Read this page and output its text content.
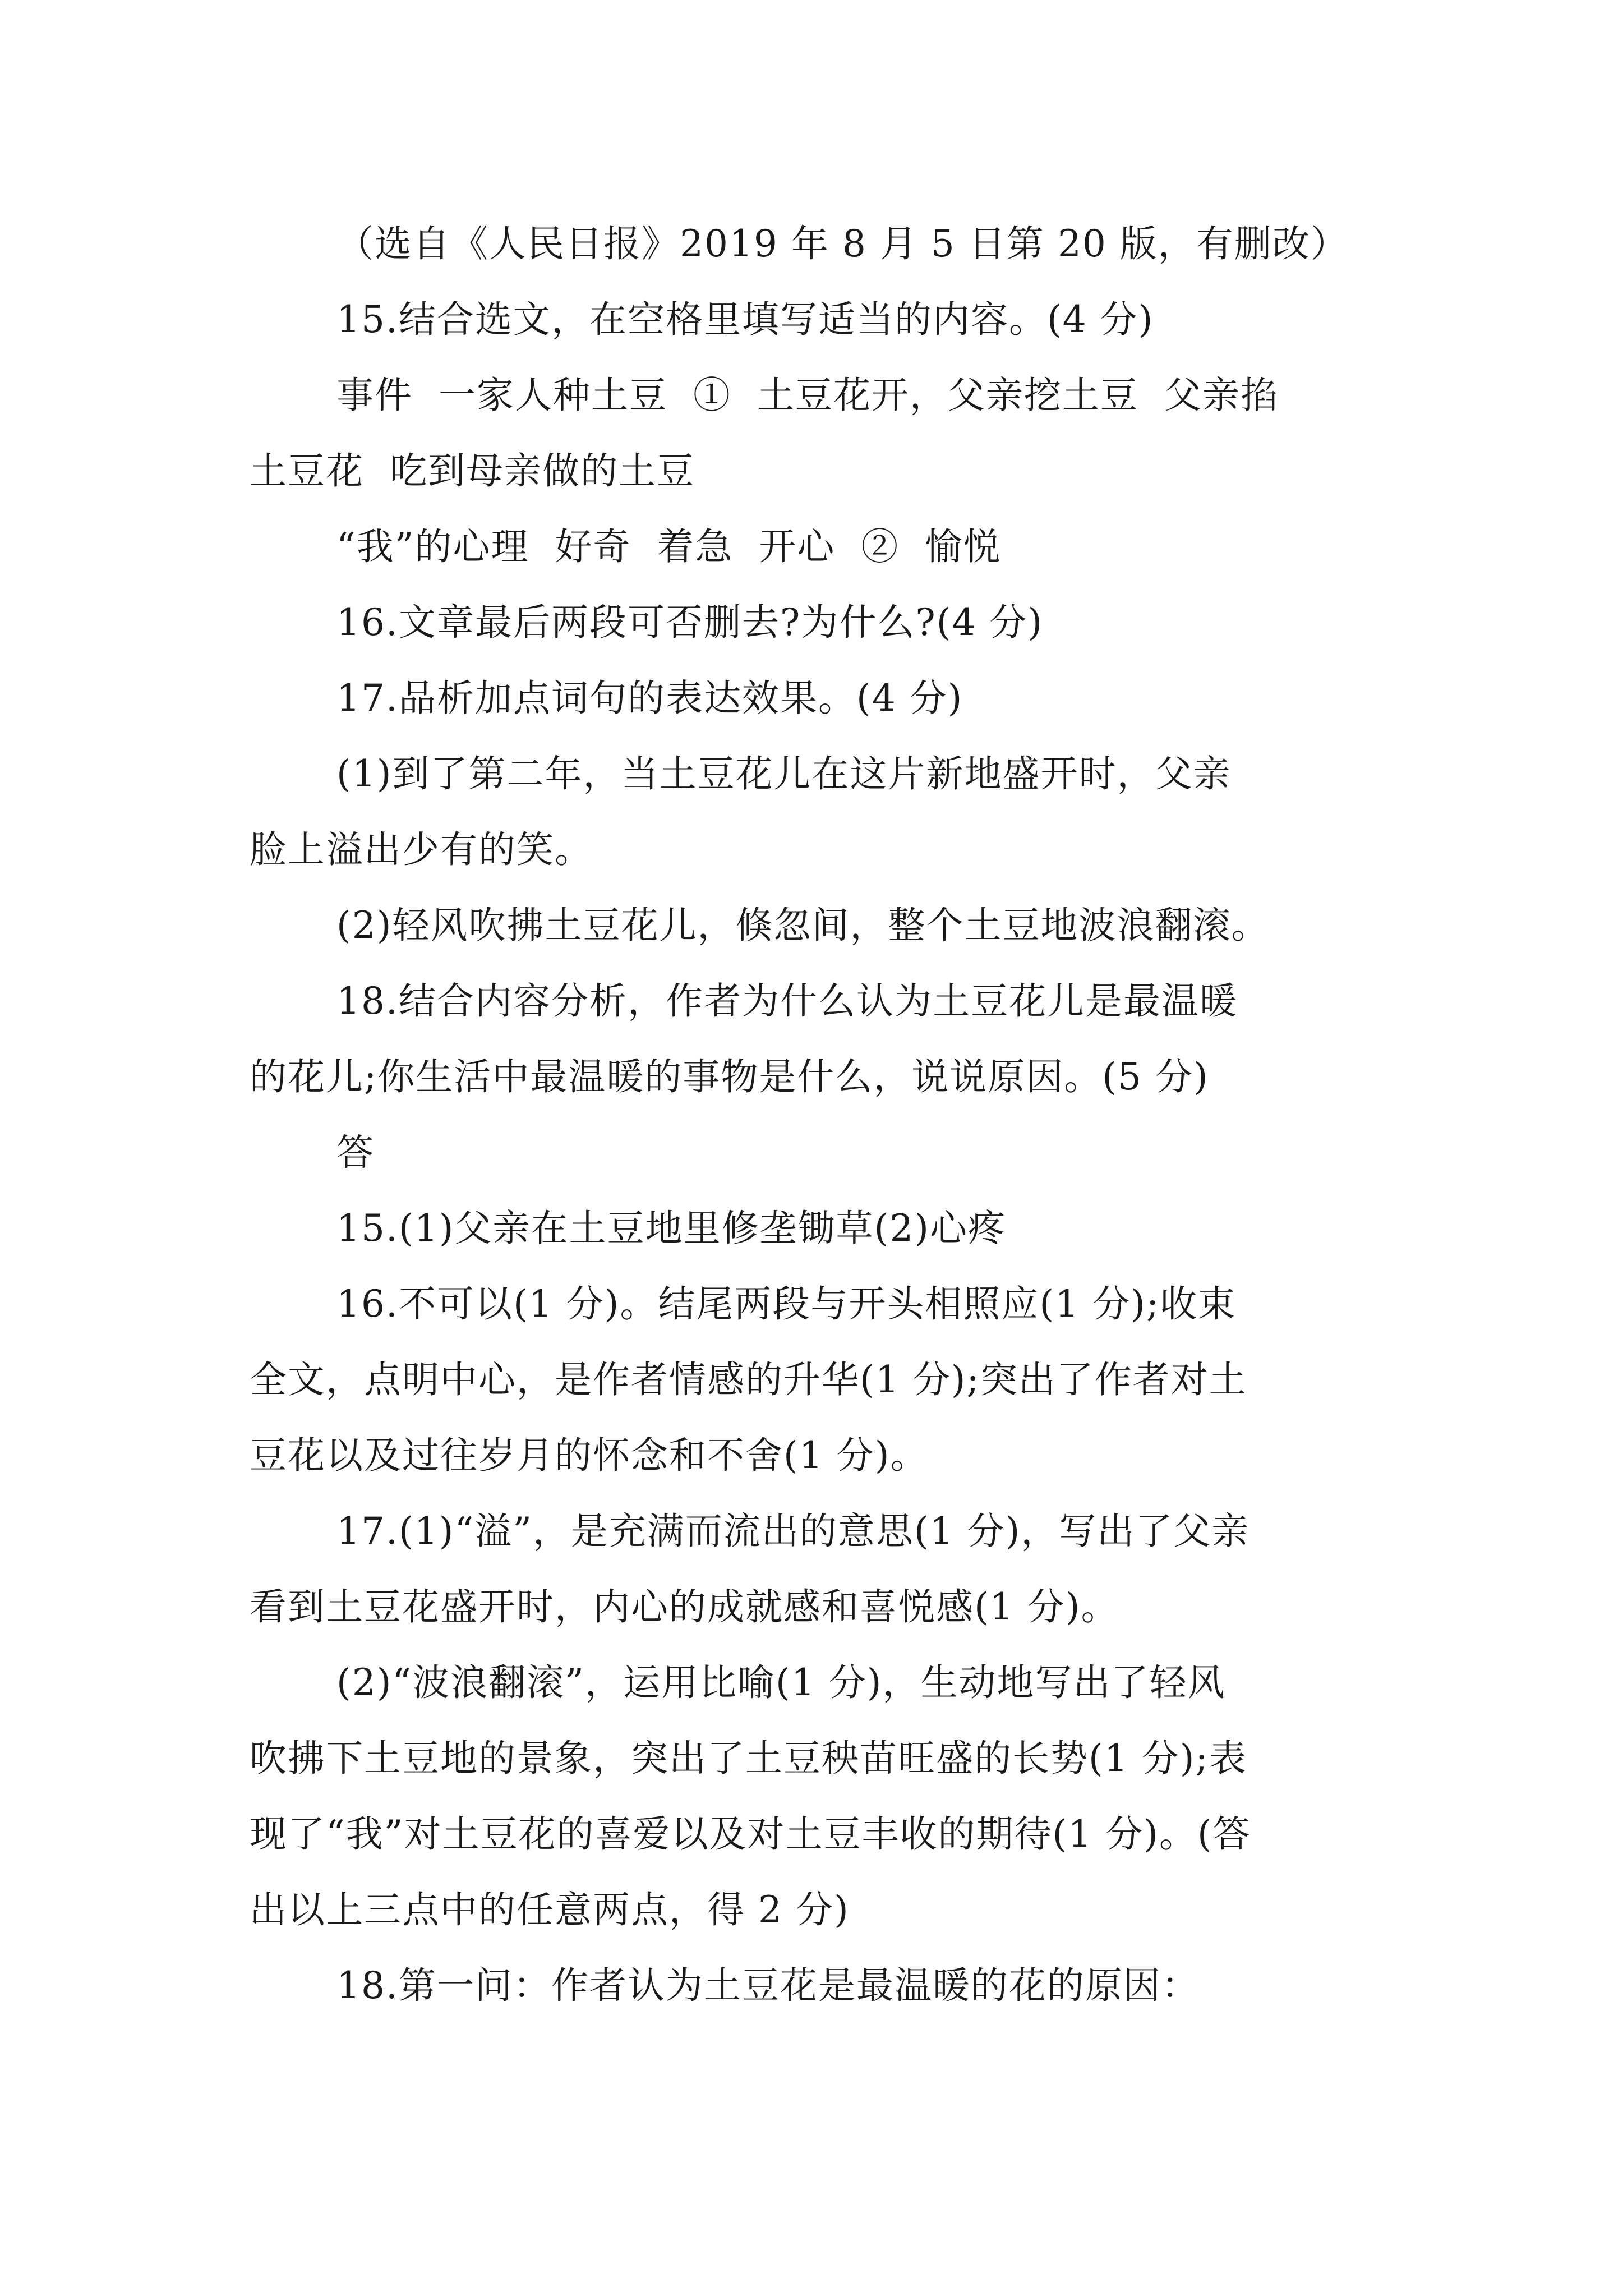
（选自《人民日报》2019 年 8 月 5 日第 20 版，有删改）
15.结合选文，在空格里填写适当的内容。(4 分)
事件  一家人种土豆  ①  土豆花开，父亲挖土豆  父亲掐
土豆花  吃到母亲做的土豆
“我”的心理  好奇  着急  开心  ②  愉悦
16.文章最后两段可否删去?为什么?(4 分)
17.品析加点词句的表达效果。(4 分)
(1)到了第二年，当土豆花儿在这片新地盛开时，父亲
脸上溢出少有的笑。
(2)轻风吹拂土豆花儿，倏忽间，整个土豆地波浪翻滚。
18.结合内容分析，作者为什么认为土豆花儿是最温暖
的花儿;你生活中最温暖的事物是什么，说说原因。(5 分)
答
15.(1)父亲在土豆地里修垄锄草(2)心疼
16.不可以(1 分)。结尾两段与开头相照应(1 分);收束
全文，点明中心，是作者情感的升华(1 分);突出了作者对土
豆花以及过往岁月的怀念和不舍(1 分)。
17.(1)“溢”，是充满而流出的意思(1 分)，写出了父亲
看到土豆花盛开时，内心的成就感和喜悦感(1 分)。
(2)“波浪翻滚”，运用比喻(1 分)，生动地写出了轻风
吹拂下土豆地的景象，突出了土豆秧苗旺盛的长势(1 分);表
现了“我”对土豆花的喜爱以及对土豆丰收的期待(1 分)。(答
出以上三点中的任意两点，得 2 分)
18.第一问：作者认为土豆花是最温暖的花的原因：
